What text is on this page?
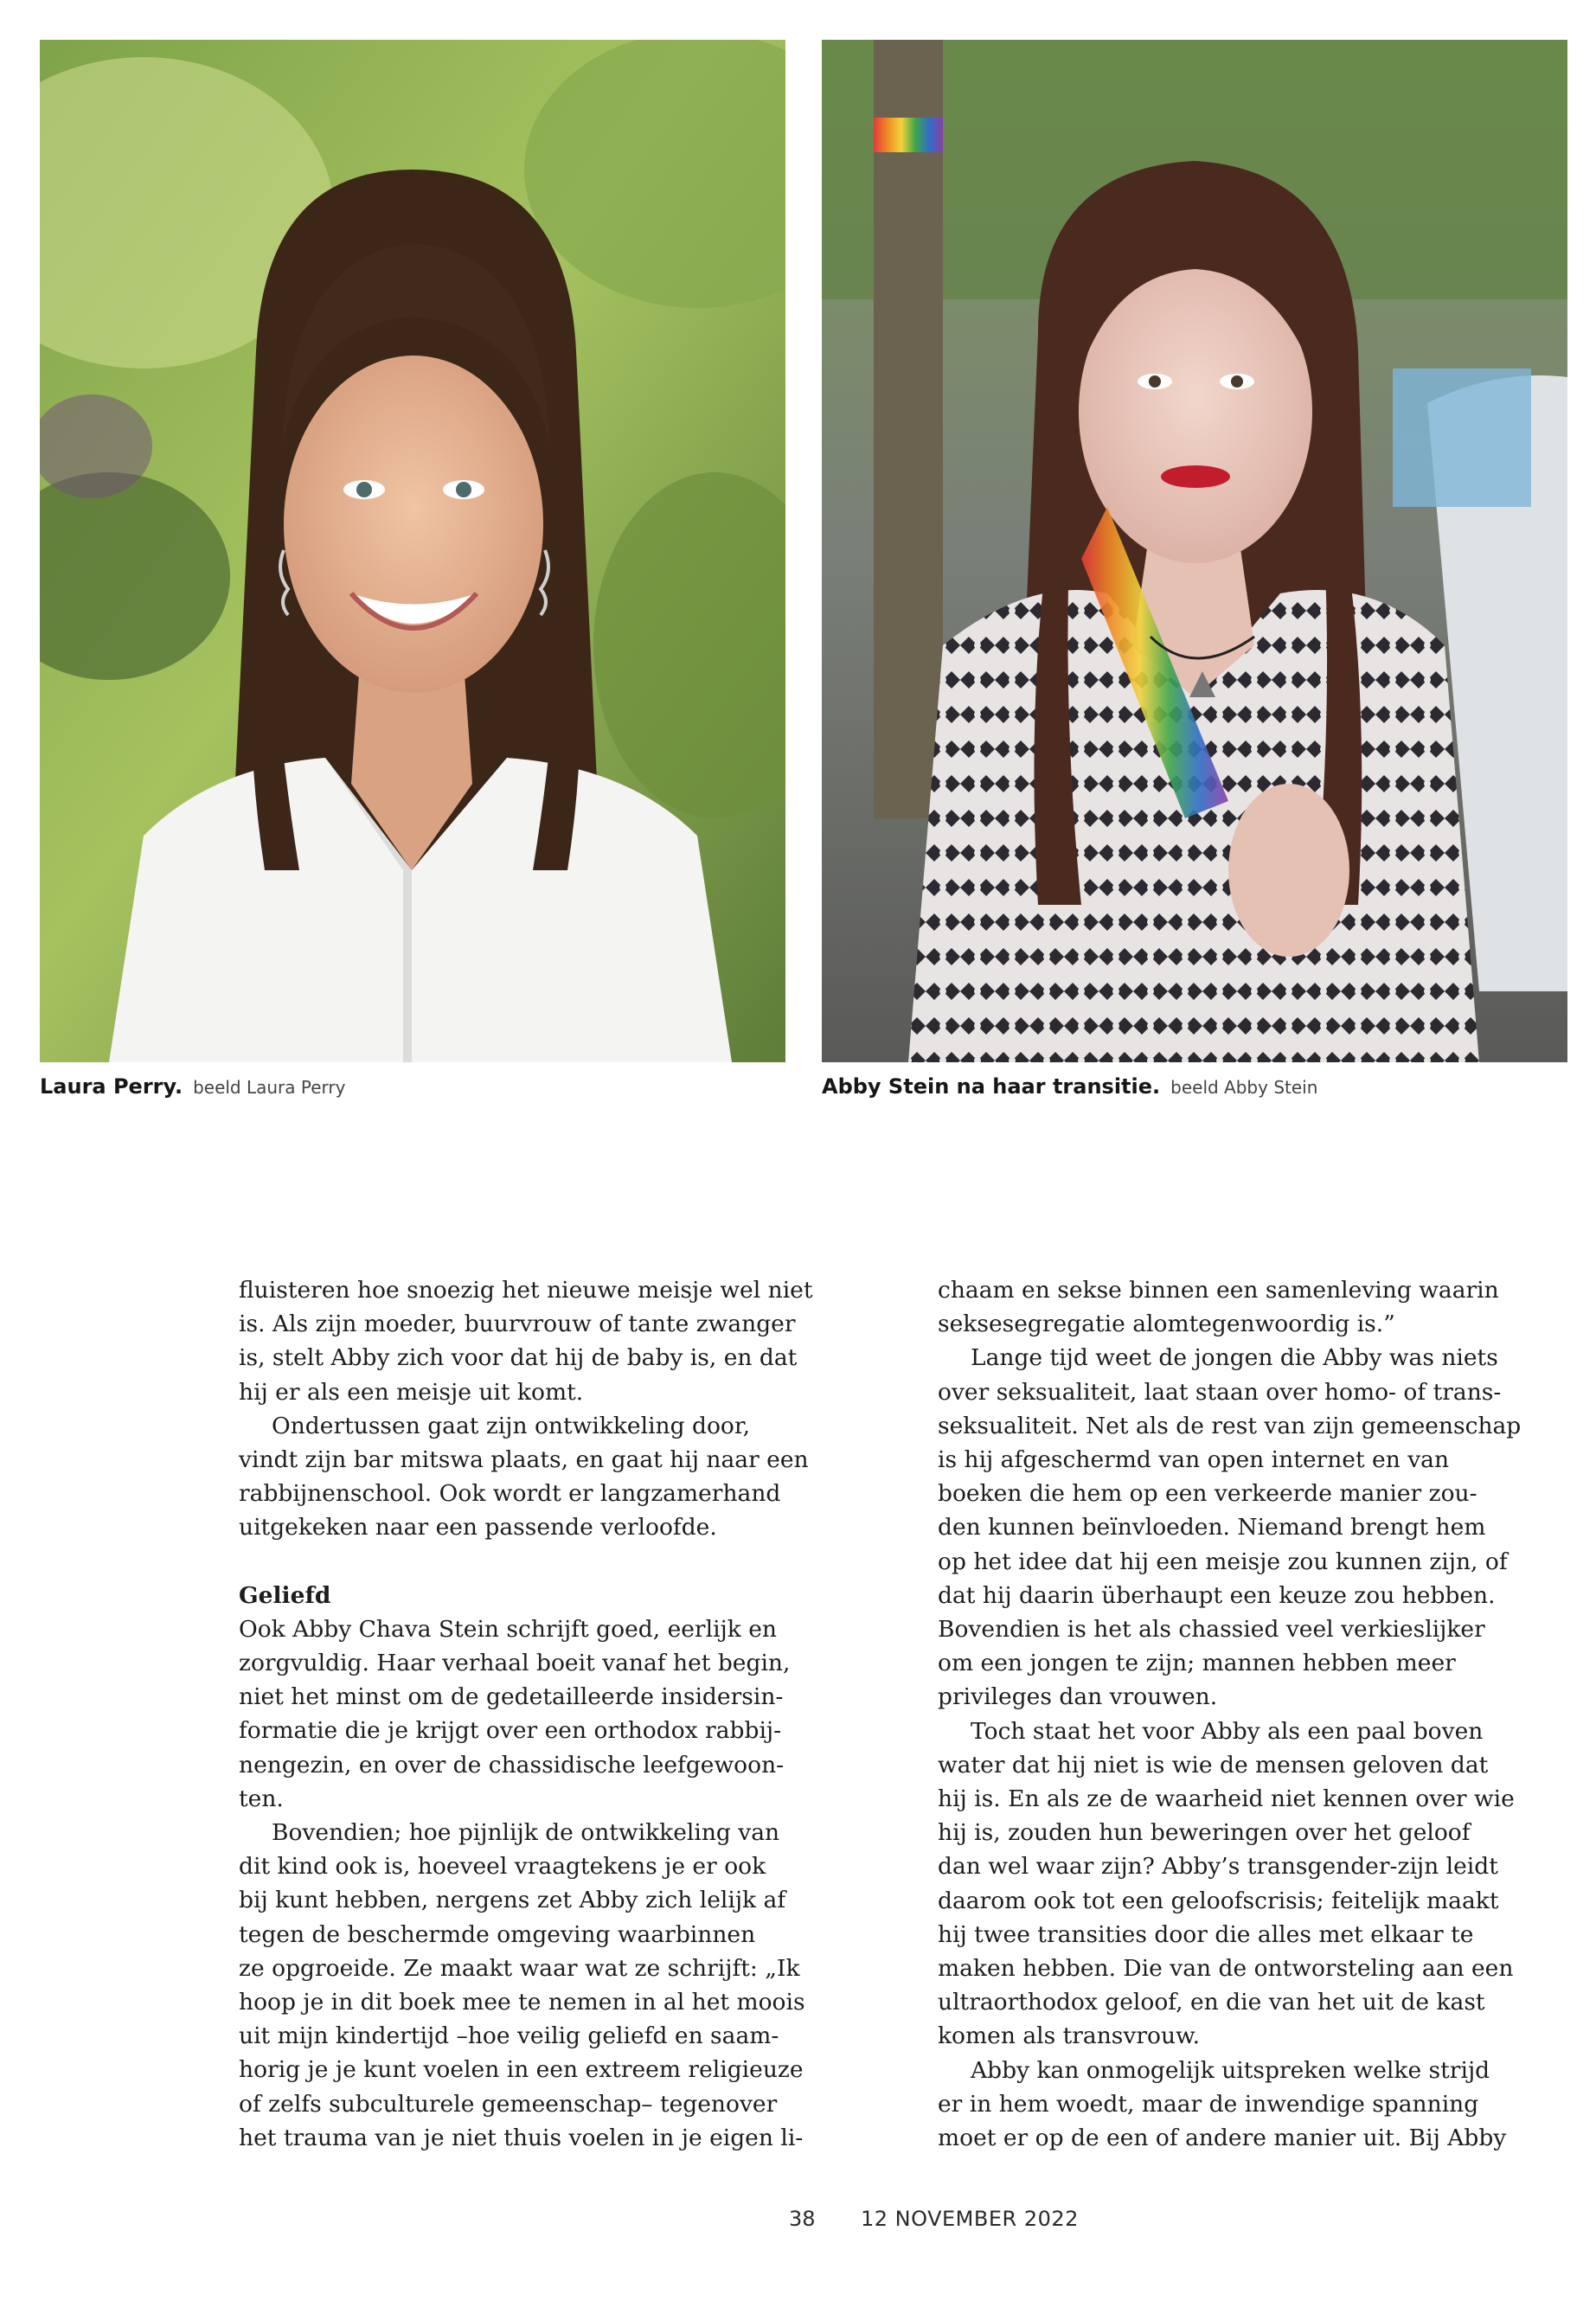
Laura Perry. beeld Laura Perry	Abby Stein na haar transitie. beeld Abby Stein

fluisteren hoe snoezig het nieuwe meisje wel niet
is. Als zijn moeder, buurvrouw of tante zwanger
is, stelt Abby zich voor dat hij de baby is, en dat
hij er als een meisje uit komt.

Ondertussen gaat zijn ontwikkeling door,
vindt zijn bar mitswa plaats, en gaat hij naar een
rabbijnenschool. Ook wordt er langzamerhand
uitgekeken naar een passende verloofde.

Geliefd

Ook Abby Chava Stein schrijft goed, eerlijk en
zorgvuldig. Haar verhaal boeit vanaf het begin,
niet het minst om de gedetailleerde insidersin-
formatie die je krijgt over een orthodox rabbij-
nengezin, en over de chassidische leefgewoon-
ten.

Bovendien; hoe pijnlijk de ontwikkeling van
dit kind ook is, hoeveel vraagtekens je er ook
bij kunt hebben, nergens zet Abby zich lelijk af
tegen de beschermde omgeving waarbinnen
ze opgroeide. Ze maakt waar wat ze schrijft: „Ik
hoop je in dit boek mee te nemen in al het moois
uit mijn kindertijd –hoe veilig geliefd en saam-
horig je je kunt voelen in een extreem religieuze
of zelfs subculturele gemeenschap– tegenover
het trauma van je niet thuis voelen in je eigen li-

chaam en sekse binnen een samenleving waarin
seksesegregatie alomtegenwoordig is.”

Lange tijd weet de jongen die Abby was niets
over seksualiteit, laat staan over homo- of trans-
seksualiteit. Net als de rest van zijn gemeenschap
is hij afgeschermd van open internet en van
boeken die hem op een verkeerde manier zou-
den kunnen beïnvloeden. Niemand brengt hem
op het idee dat hij een meisje zou kunnen zijn, of
dat hij daarin überhaupt een keuze zou hebben.
Bovendien is het als chassied veel verkieslijker
om een jongen te zijn; mannen hebben meer
privileges dan vrouwen.

Toch staat het voor Abby als een paal boven
water dat hij niet is wie de mensen geloven dat
hij is. En als ze de waarheid niet kennen over wie
hij is, zouden hun beweringen over het geloof
dan wel waar zijn? Abby’s transgender-zijn leidt
daarom ook tot een geloofscrisis; feitelijk maakt
hij twee transities door die alles met elkaar te
maken hebben. Die van de ontworsteling aan een
ultraorthodox geloof, en die van het uit de kast
komen als transvrouw.

Abby kan onmogelijk uitspreken welke strijd
er in hem woedt, maar de inwendige spanning
moet er op de een of andere manier uit. Bij Abby

38 12 NOVEMBER 2022
